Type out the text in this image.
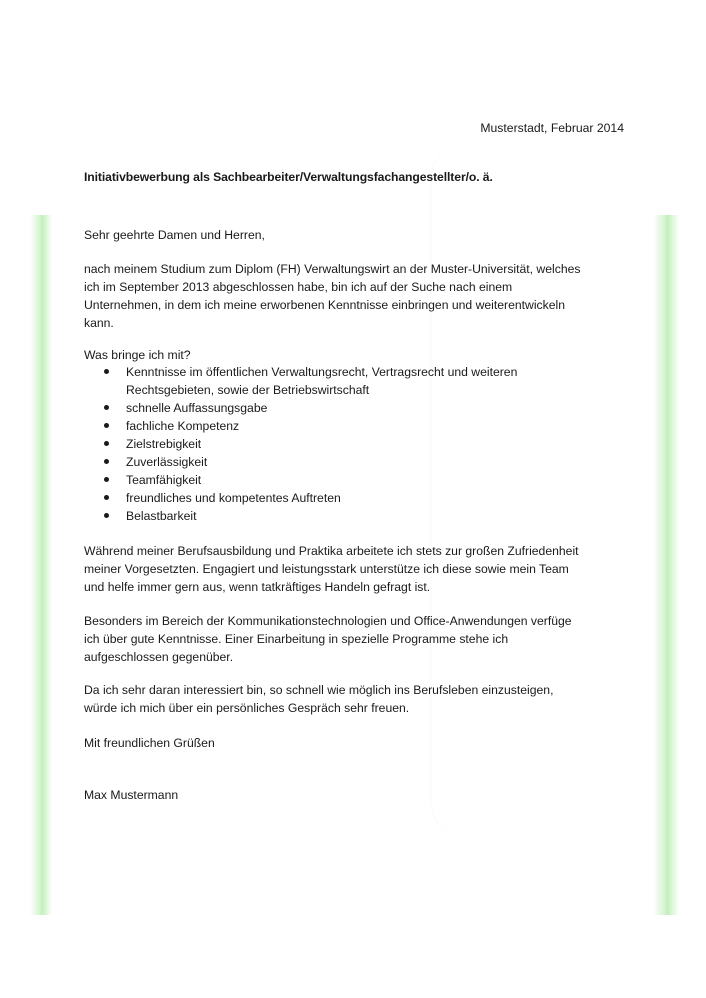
Musterstadt, Februar 2014
Initiativbewerbung als Sachbearbeiter/Verwaltungsfachangestellter/o. ä.
Sehr geehrte Damen und Herren,
nach meinem Studium zum Diplom (FH) Verwaltungswirt an der Muster-Universität, welches
ich im September 2013 abgeschlossen habe, bin ich auf der Suche nach einem
Unternehmen, in dem ich meine erworbenen Kenntnisse einbringen und weiterentwickeln
kann.
Was bringe ich mit?
Kenntnisse im öffentlichen Verwaltungsrecht, Vertragsrecht und weiteren Rechtsgebieten, sowie der Betriebswirtschaft
schnelle Auffassungsgabe
fachliche Kompetenz
Zielstrebigkeit
Zuverlässigkeit
Teamfähigkeit
freundliches und kompetentes Auftreten
Belastbarkeit
Während meiner Berufsausbildung und Praktika arbeitete ich stets zur großen Zufriedenheit
meiner Vorgesetzten. Engagiert und leistungsstark unterstütze ich diese sowie mein Team
und helfe immer gern aus, wenn tatkräftiges Handeln gefragt ist.
Besonders im Bereich der Kommunikationstechnologien und Office-Anwendungen verfüge
ich über gute Kenntnisse. Einer Einarbeitung in spezielle Programme stehe ich
aufgeschlossen gegenüber.
Da ich sehr daran interessiert bin, so schnell wie möglich ins Berufsleben einzusteigen,
würde ich mich über ein persönliches Gespräch sehr freuen.
Mit freundlichen Grüßen
Max Mustermann
